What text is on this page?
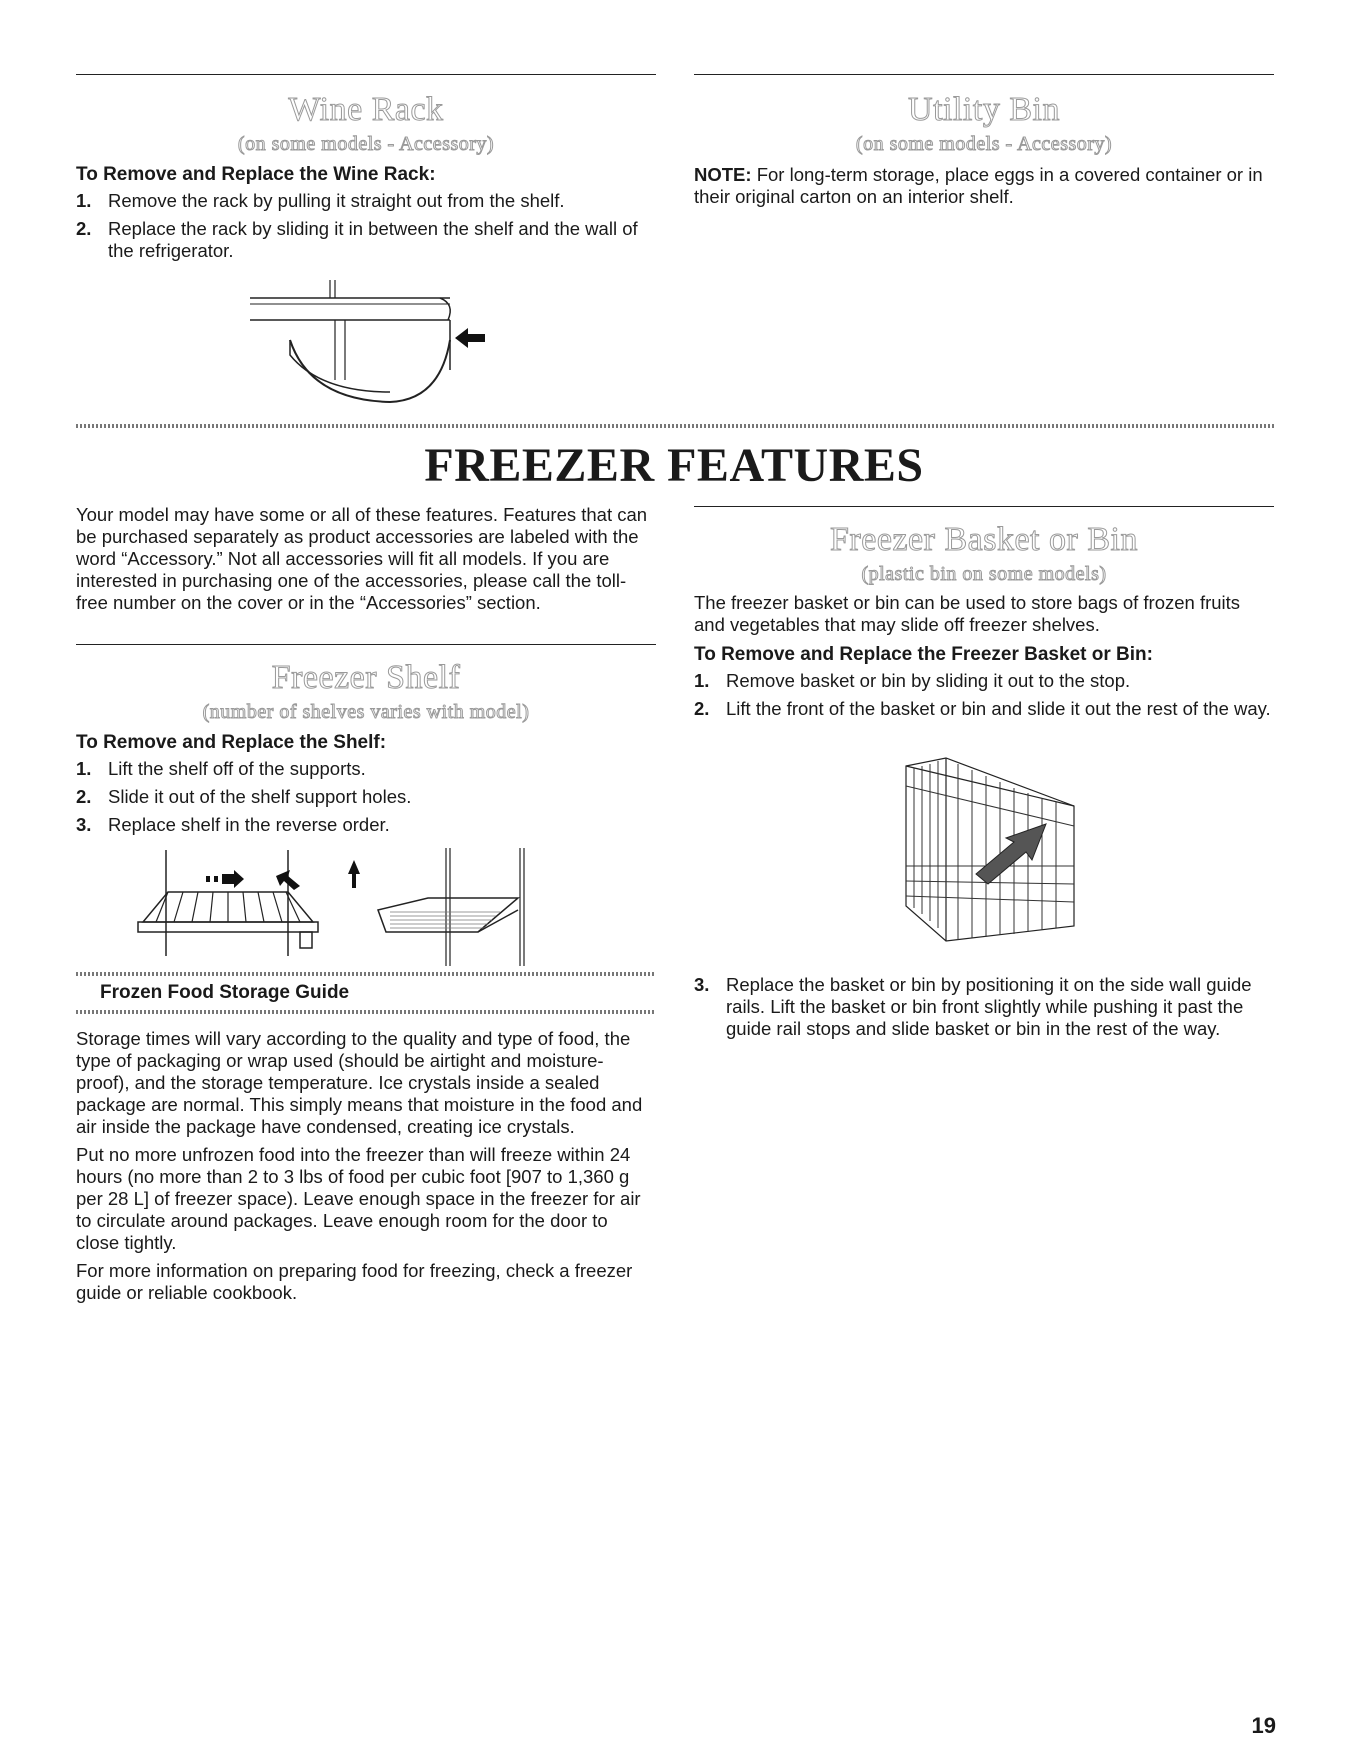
Wine Rack
(on some models - Accessory)
To Remove and Replace the Wine Rack:
1. Remove the rack by pulling it straight out from the shelf.
2. Replace the rack by sliding it in between the shelf and the wall of the refrigerator.
Utility Bin
(on some models - Accessory)
NOTE: For long-term storage, place eggs in a covered container or in their original carton on an interior shelf.
FREEZER FEATURES
Your model may have some or all of these features. Features that can be purchased separately as product accessories are labeled with the word “Accessory.” Not all accessories will fit all models. If you are interested in purchasing one of the accessories, please call the toll-free number on the cover or in the “Accessories” section.
Freezer Shelf
(number of shelves varies with model)
To Remove and Replace the Shelf:
1. Lift the shelf off of the supports.
2. Slide it out of the shelf support holes.
3. Replace shelf in the reverse order.
Frozen Food Storage Guide

Storage times will vary according to the quality and type of food, the type of packaging or wrap used (should be airtight and moisture-proof), and the storage temperature. Ice crystals inside a sealed package are normal. This simply means that moisture in the food and air inside the package have condensed, creating ice crystals.

Put no more unfrozen food into the freezer than will freeze within 24 hours (no more than 2 to 3 lbs of food per cubic foot [907 to 1,360 g per 28 L] of freezer space). Leave enough space in the freezer for air to circulate around packages. Leave enough room for the door to close tightly.

For more information on preparing food for freezing, check a freezer guide or reliable cookbook.

Freezer Basket or Bin
(plastic bin on some models)
The freezer basket or bin can be used to store bags of frozen fruits and vegetables that may slide off freezer shelves.
To Remove and Replace the Freezer Basket or Bin:
1. Remove basket or bin by sliding it out to the stop.
2. Lift the front of the basket or bin and slide it out the rest of the way.
3. Replace the basket or bin by positioning it on the side wall guide rails. Lift the basket or bin front slightly while pushing it past the guide rail stops and slide basket or bin in the rest of the way.
19
